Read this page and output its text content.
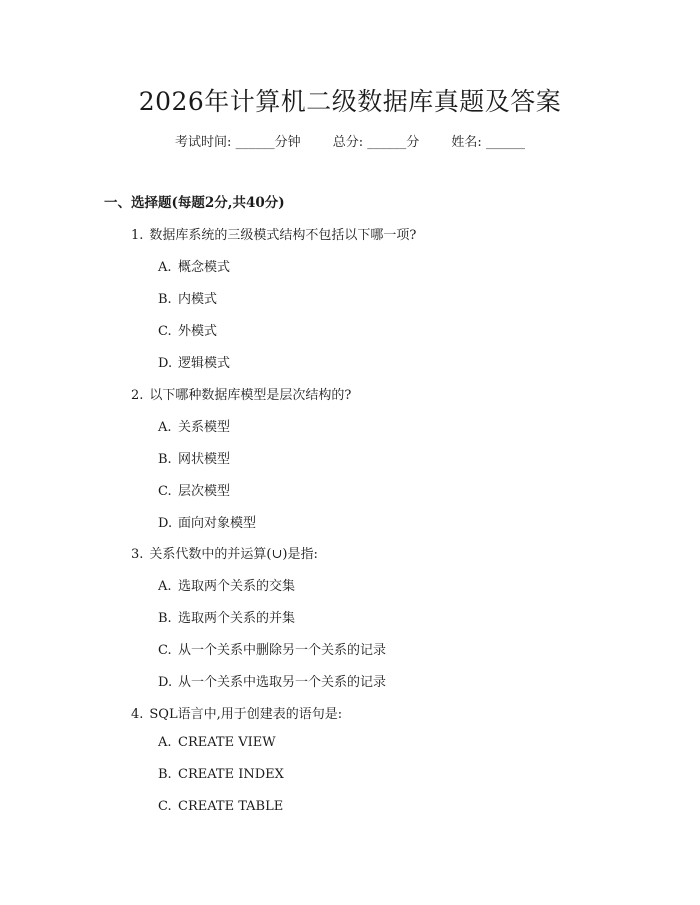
2026年计算机二级数据库真题及答案
考试时间: ______分钟 总分: ______分 姓名: ______
一、选择题(每题2分,共40分)
1. 数据库系统的三级模式结构不包括以下哪一项?
A. 概念模式
B. 内模式
C. 外模式
D. 逻辑模式
2. 以下哪种数据库模型是层次结构的?
A. 关系模型
B. 网状模型
C. 层次模型
D. 面向对象模型
3. 关系代数中的并运算(∪)是指:
A. 选取两个关系的交集
B. 选取两个关系的并集
C. 从一个关系中删除另一个关系的记录
D. 从一个关系中选取另一个关系的记录
4. SQL语言中,用于创建表的语句是:
A. CREATE VIEW
B. CREATE INDEX
C. CREATE TABLE
